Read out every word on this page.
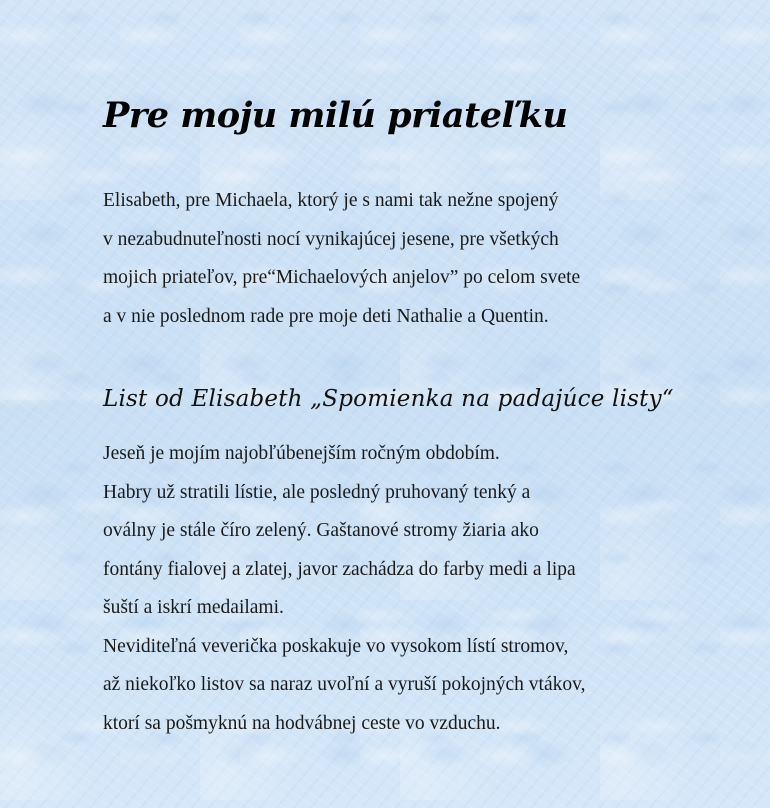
Pre moju milú priateľku

Elisabeth, pre Michaela, ktorý je s nami tak nežne spojený
v nezabudnuteľnosti nocí vynikajúcej jesene, pre všetkých
mojich priateľov, pre“Michaelových anjelov” po celom svete
a v nie poslednom rade pre moje deti Nathalie a Quentin.

List od Elisabeth „Spomienka na padajúce listy“

Jeseň je mojím najobľúbenejším ročným obdobím.
Habry už stratili lístie, ale posledný pruhovaný tenký a
oválny je stále číro zelený. Gaštanové stromy žiaria ako
fontány fialovej a zlatej, javor zachádza do farby medi a lipa
šuští a iskrí medailami.
Neviditeľná veverička poskakuje vo vysokom lístí stromov,
až niekoľko listov sa naraz uvoľní a vyruší pokojných vtákov,
ktorí sa pošmyknú na hodvábnej ceste vo vzduchu.
